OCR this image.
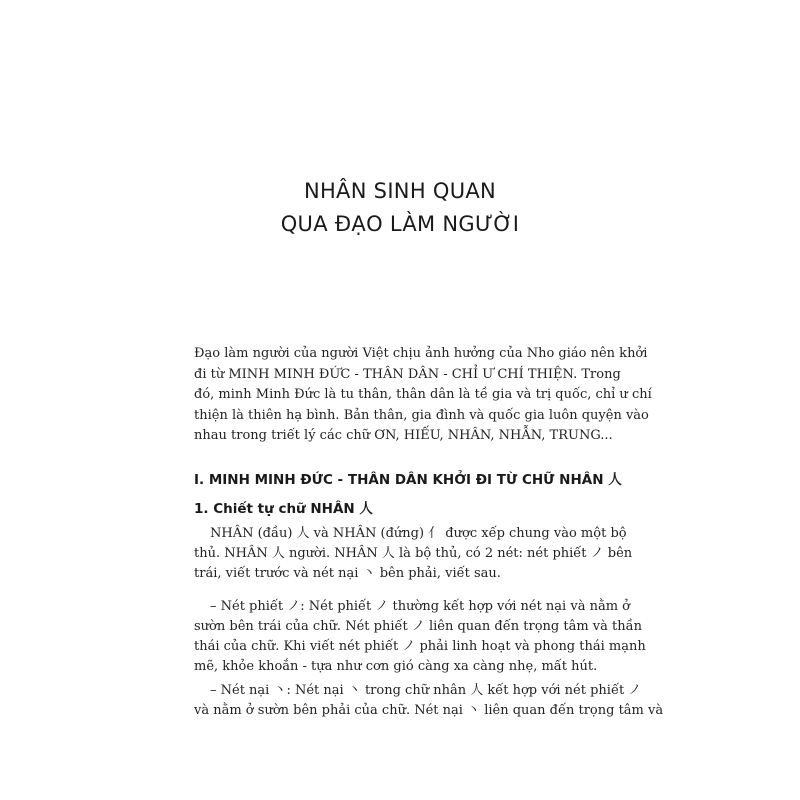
NHÂN SINH QUAN
QUA ĐẠO LÀM NGƯỜI
Đạo làm người của người Việt chịu ảnh hưởng của Nho giáo nên khởi
đi từ MINH MINH ĐỨC - THÂN DÂN - CHỈ Ư CHÍ THIỆN. Trong
đó, minh Minh Đức là tu thân, thân dân là tề gia và trị quốc, chỉ ư chí
thiện là thiên hạ bình. Bản thân, gia đình và quốc gia luôn quyện vào
nhau trong triết lý các chữ ƠN, HIẾU, NHÂN, NHẪN, TRUNG...
I. MINH MINH ĐỨC - THÂN DÂN KHỞI ĐI TỪ CHỮ NHÂN 人
1. Chiết tự chữ NHÂN 人
NHÂN (đầu) 人 và NHÂN (đứng) 亻 được xếp chung vào một bộ
thủ. NHÂN 人 người. NHÂN 人 là bộ thủ, có 2 nét: nét phiết ノ bên
trái, viết trước và nét nại 丶 bên phải, viết sau.
– Nét phiết ノ: Nét phiết ノ thường kết hợp với nét nại và nằm ở
sườn bên trái của chữ. Nét phiết ノ liên quan đến trọng tâm và thần
thái của chữ. Khi viết nét phiết ノ phải linh hoạt và phong thái mạnh
mẽ, khỏe khoắn - tựa như cơn gió càng xa càng nhẹ, mất hút.
– Nét nại 丶: Nét nại 丶 trong chữ nhân 人 kết hợp với nét phiết ノ
và nằm ở sườn bên phải của chữ. Nét nại 丶 liên quan đến trọng tâm và
